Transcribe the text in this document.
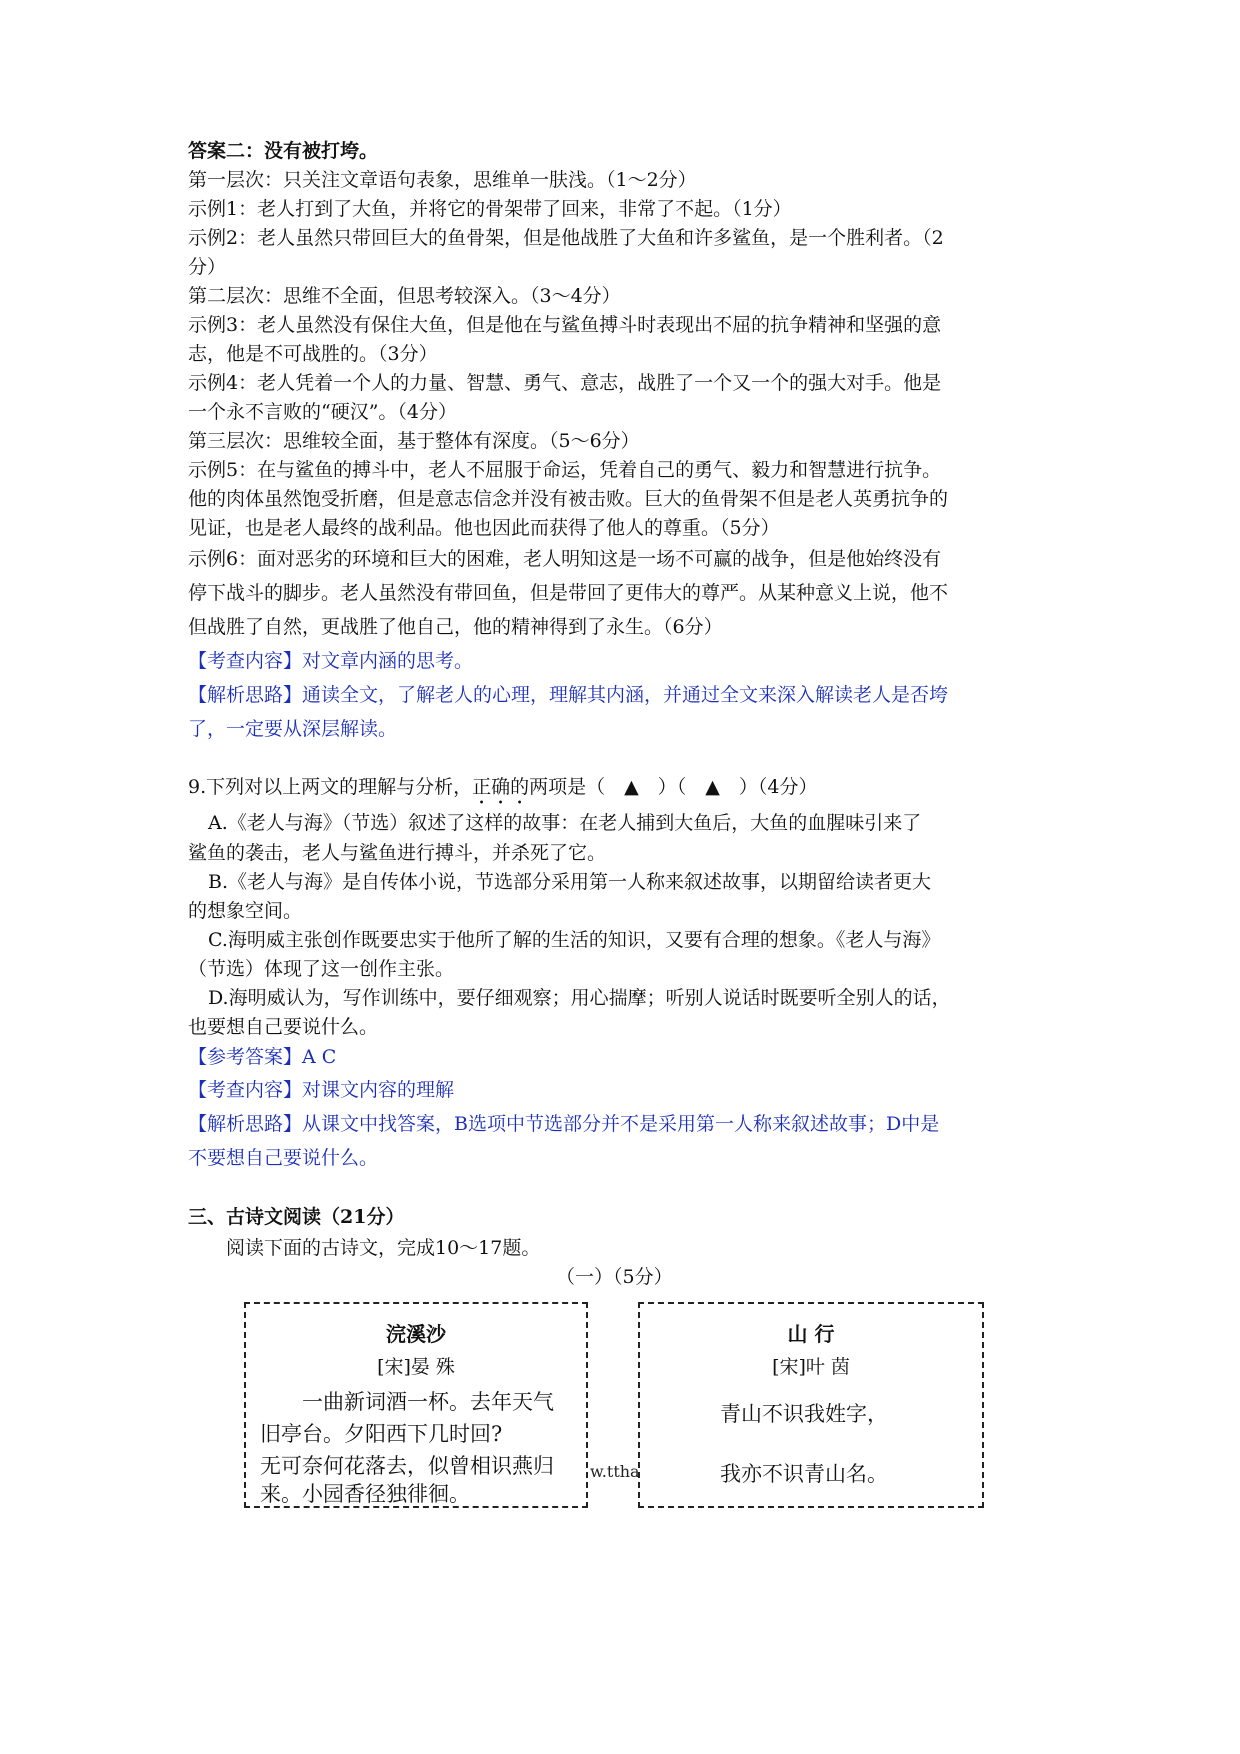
答案二：没有被打垮。
第一层次：只关注文章语句表象，思维单一肤浅。（1～2分）
示例1：老人打到了大鱼，并将它的骨架带了回来，非常了不起。（1分）
示例2：老人虽然只带回巨大的鱼骨架，但是他战胜了大鱼和许多鲨鱼，是一个胜利者。（2
分）
第二层次：思维不全面，但思考较深入。（3～4分）
示例3：老人虽然没有保住大鱼，但是他在与鲨鱼搏斗时表现出不屈的抗争精神和坚强的意
志，他是不可战胜的。（3分）
示例4：老人凭着一个人的力量、智慧、勇气、意志，战胜了一个又一个的强大对手。他是
一个永不言败的“硬汉”。（4分）
第三层次：思维较全面，基于整体有深度。（5～6分）
示例5：在与鲨鱼的搏斗中，老人不屈服于命运，凭着自己的勇气、毅力和智慧进行抗争。
他的肉体虽然饱受折磨，但是意志信念并没有被击败。巨大的鱼骨架不但是老人英勇抗争的
见证，也是老人最终的战利品。他也因此而获得了他人的尊重。（5分）
示例6：面对恶劣的环境和巨大的困难，老人明知这是一场不可赢的战争，但是他始终没有
停下战斗的脚步。老人虽然没有带回鱼，但是带回了更伟大的尊严。从某种意义上说，他不
但战胜了自然，更战胜了他自己，他的精神得到了永生。（6分）
【考查内容】对文章内涵的思考。
【解析思路】通读全文，了解老人的心理，理解其内涵，并通过全文来深入解读老人是否垮
了，一定要从深层解读。
9.下列对以上两文的理解与分析，正确的两项是（　▲　）（　▲　）（4分）
A.《老人与海》（节选）叙述了这样的故事：在老人捕到大鱼后，大鱼的血腥味引来了
鲨鱼的袭击，老人与鲨鱼进行搏斗，并杀死了它。
B.《老人与海》是自传体小说，节选部分采用第一人称来叙述故事，以期留给读者更大
的想象空间。
C.海明威主张创作既要忠实于他所了解的生活的知识，又要有合理的想象。《老人与海》
（节选）体现了这一创作主张。
D.海明威认为，写作训练中，要仔细观察；用心揣摩；听别人说话时既要听全别人的话，
也要想自己要说什么。
【参考答案】A C
【考查内容】对课文内容的理解
【解析思路】从课文中找答案，B选项中节选部分并不是采用第一人称来叙述故事；D中是
不要想自己要说什么。
三、古诗文阅读（21分）
阅读下面的古诗文，完成10～17题。
（一）（5分）
浣溪沙
[宋]晏 殊
一曲新词酒一杯。去年天气
旧亭台。夕阳西下几时回?
无可奈何花落去，似曾相识燕归
来。小园香径独徘徊。
w.ttha
山 行
[宋]叶 茵
青山不识我姓字，
我亦不识青山名。
